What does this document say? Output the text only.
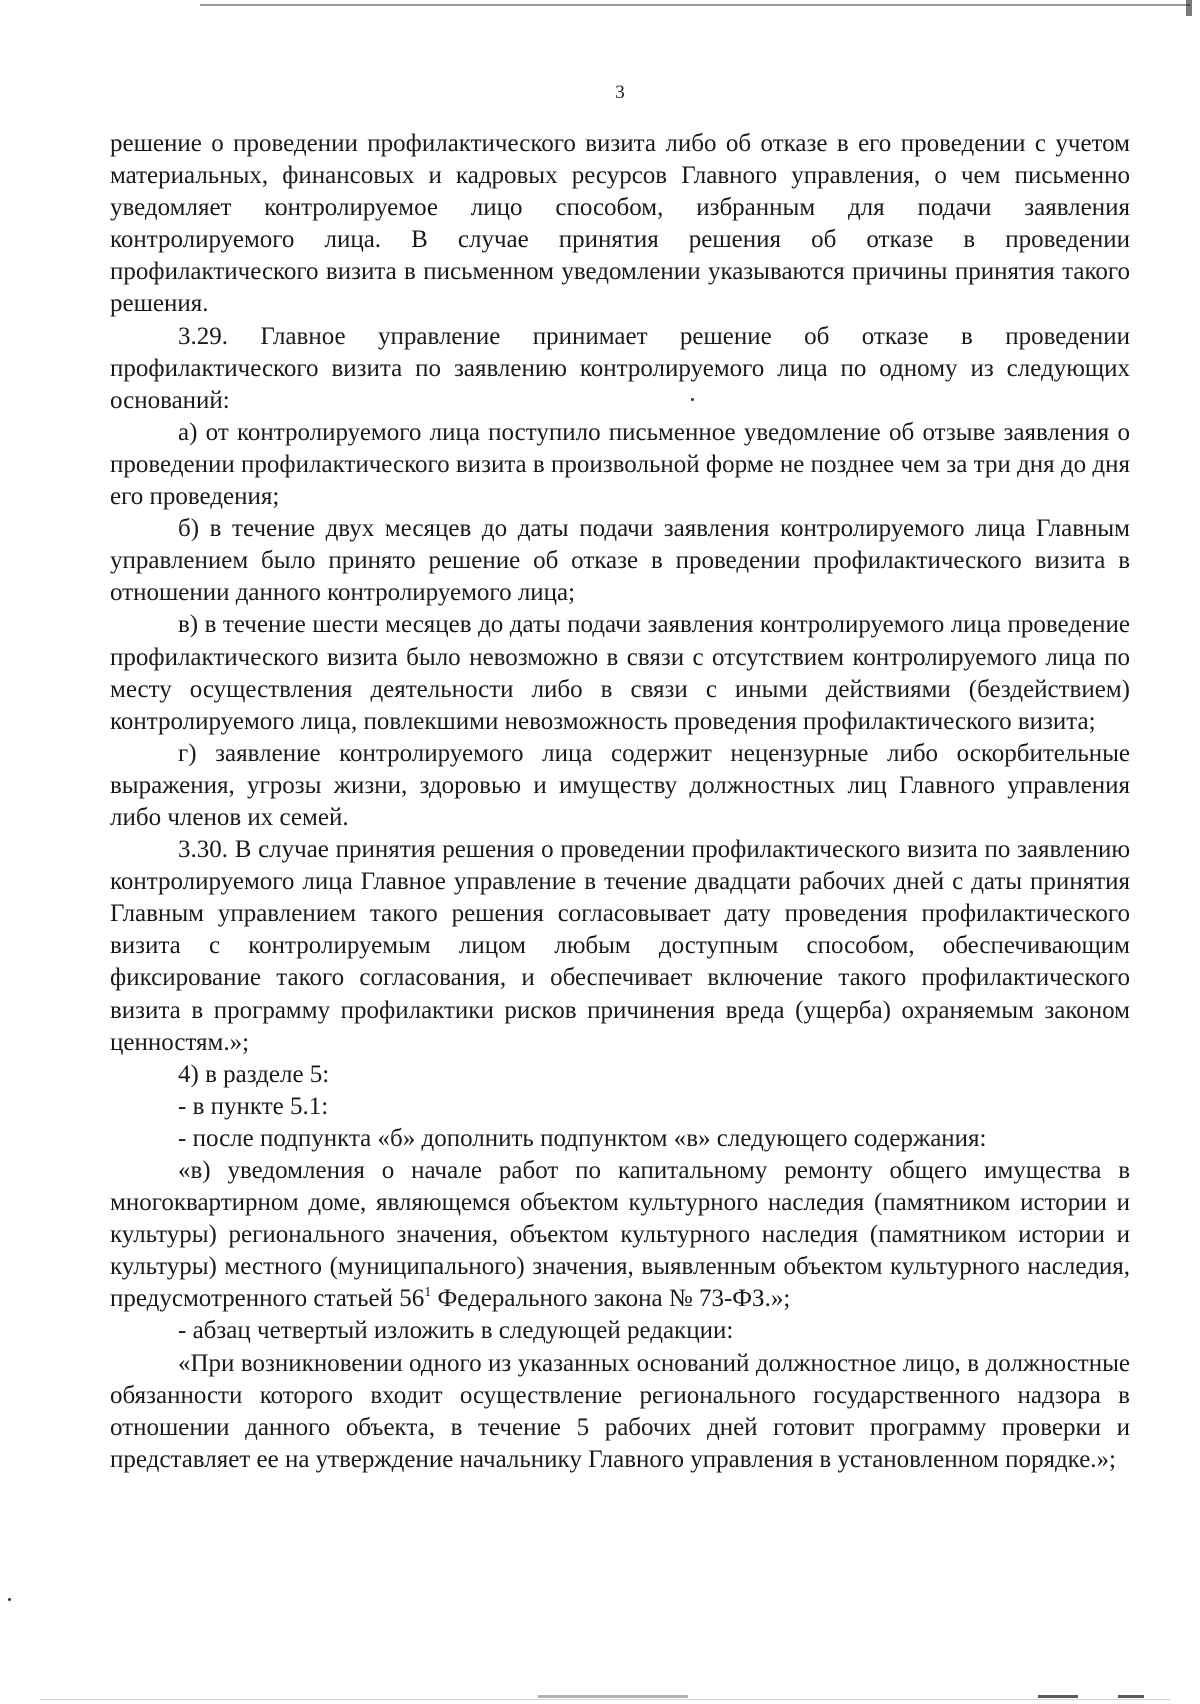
3

решение о проведении профилактического визита либо об отказе в его проведении с учетом материальных, финансовых и кадровых ресурсов Главного управления, о чем письменно уведомляет контролируемое лицо способом, избранным для подачи заявления контролируемого лица. В случае принятия решения об отказе в проведении профилактического визита в письменном уведомлении указываются причины принятия такого решения.

3.29. Главное управление принимает решение об отказе в проведении профилактического визита по заявлению контролируемого лица по одному из следующих оснований:

а) от контролируемого лица поступило письменное уведомление об отзыве заявления о проведении профилактического визита в произвольной форме не позднее чем за три дня до дня его проведения;

б) в течение двух месяцев до даты подачи заявления контролируемого лица Главным управлением было принято решение об отказе в проведении профилактического визита в отношении данного контролируемого лица;

в) в течение шести месяцев до даты подачи заявления контролируемого лица проведение профилактического визита было невозможно в связи с отсутствием контролируемого лица по месту осуществления деятельности либо в связи с иными действиями (бездействием) контролируемого лица, повлекшими невозможность проведения профилактического визита;

г) заявление контролируемого лица содержит нецензурные либо оскорбительные выражения, угрозы жизни, здоровью и имуществу должностных лиц Главного управления либо членов их семей.

3.30. В случае принятия решения о проведении профилактического визита по заявлению контролируемого лица Главное управление в течение двадцати рабочих дней с даты принятия Главным управлением такого решения согласовывает дату проведения профилактического визита с контролируемым лицом любым доступным способом, обеспечивающим фиксирование такого согласования, и обеспечивает включение такого профилактического визита в программу профилактики рисков причинения вреда (ущерба) охраняемым законом ценностям.»;

4) в разделе 5:

- в пункте 5.1:

- после подпункта «б» дополнить подпунктом «в» следующего содержания:

«в) уведомления о начале работ по капитальному ремонту общего имущества в многоквартирном доме, являющемся объектом культурного наследия (памятником истории и культуры) регионального значения, объектом культурного наследия (памятником истории и культуры) местного (муниципального) значения, выявленным объектом культурного наследия, предусмотренного статьей $56^1$ Федерального закона № 73-ФЗ.»;

- абзац четвертый изложить в следующей редакции:

«При возникновении одного из указанных оснований должностное лицо, в должностные обязанности которого входит осуществление регионального государственного надзора в отношении данного объекта, в течение 5 рабочих дней готовит программу проверки и представляет ее на утверждение начальнику Главного управления в установленном порядке.»;
